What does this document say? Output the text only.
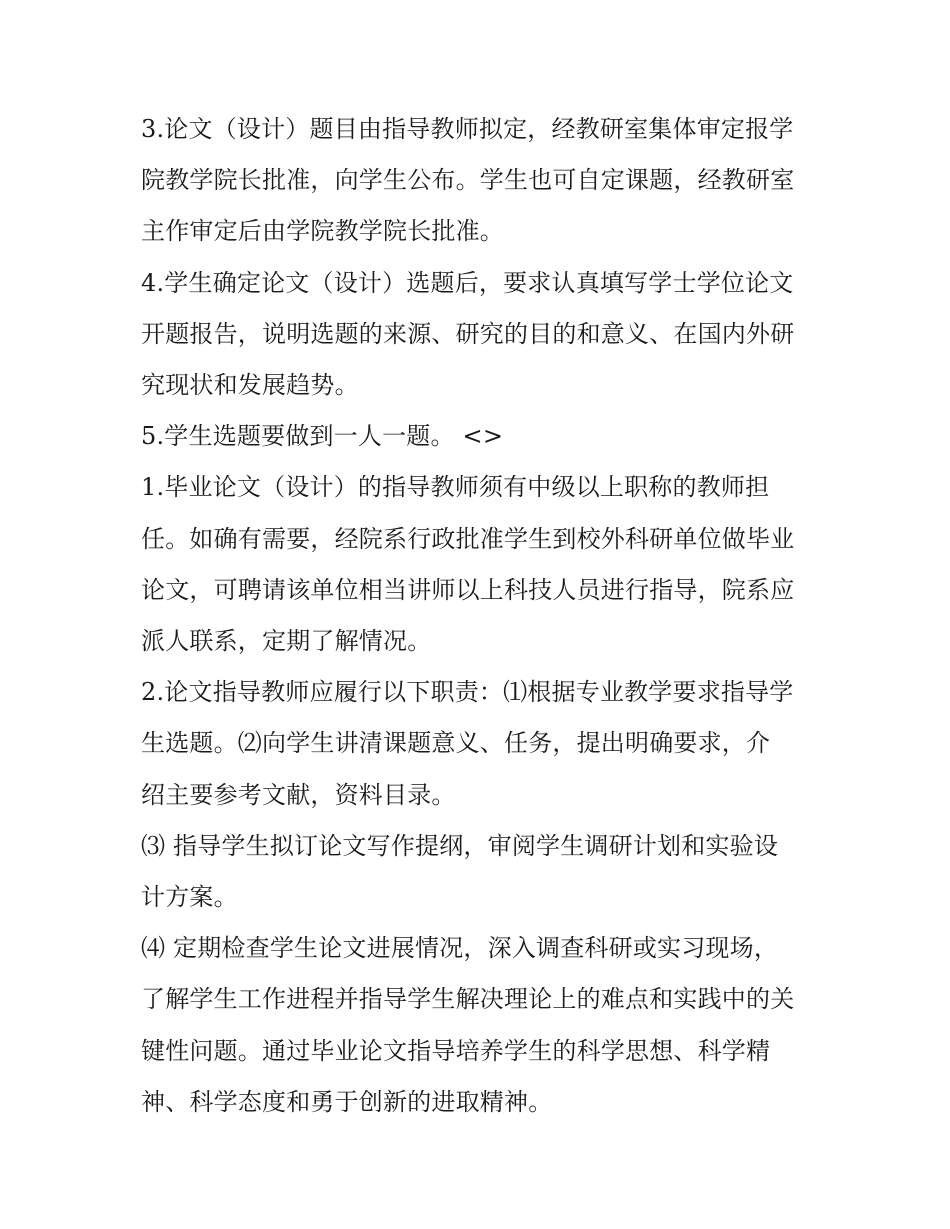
3.论文（设计）题目由指导教师拟定，经教研室集体审定报学
院教学院长批准，向学生公布。学生也可自定课题，经教研室
主作审定后由学院教学院长批准。

4.学生确定论文（设计）选题后，要求认真填写学士学位论文
开题报告，说明选题的来源、研究的目的和意义、在国内外研
究现状和发展趋势。

5.学生选题要做到一人一题。 <>

1.毕业论文（设计）的指导教师须有中级以上职称的教师担
任。如确有需要，经院系行政批准学生到校外科研单位做毕业
论文，可聘请该单位相当讲师以上科技人员进行指导，院系应
派人联系，定期了解情况。

2.论文指导教师应履行以下职责：⑴根据专业教学要求指导学
生选题。⑵向学生讲清课题意义、任务，提出明确要求，介
绍主要参考文献，资料目录。

⑶ 指导学生拟订论文写作提纲，审阅学生调研计划和实验设
计方案。

⑷ 定期检查学生论文进展情况，深入调查科研或实习现场，
了解学生工作进程并指导学生解决理论上的难点和实践中的关
键性问题。通过毕业论文指导培养学生的科学思想、科学精
神、科学态度和勇于创新的进取精神。
